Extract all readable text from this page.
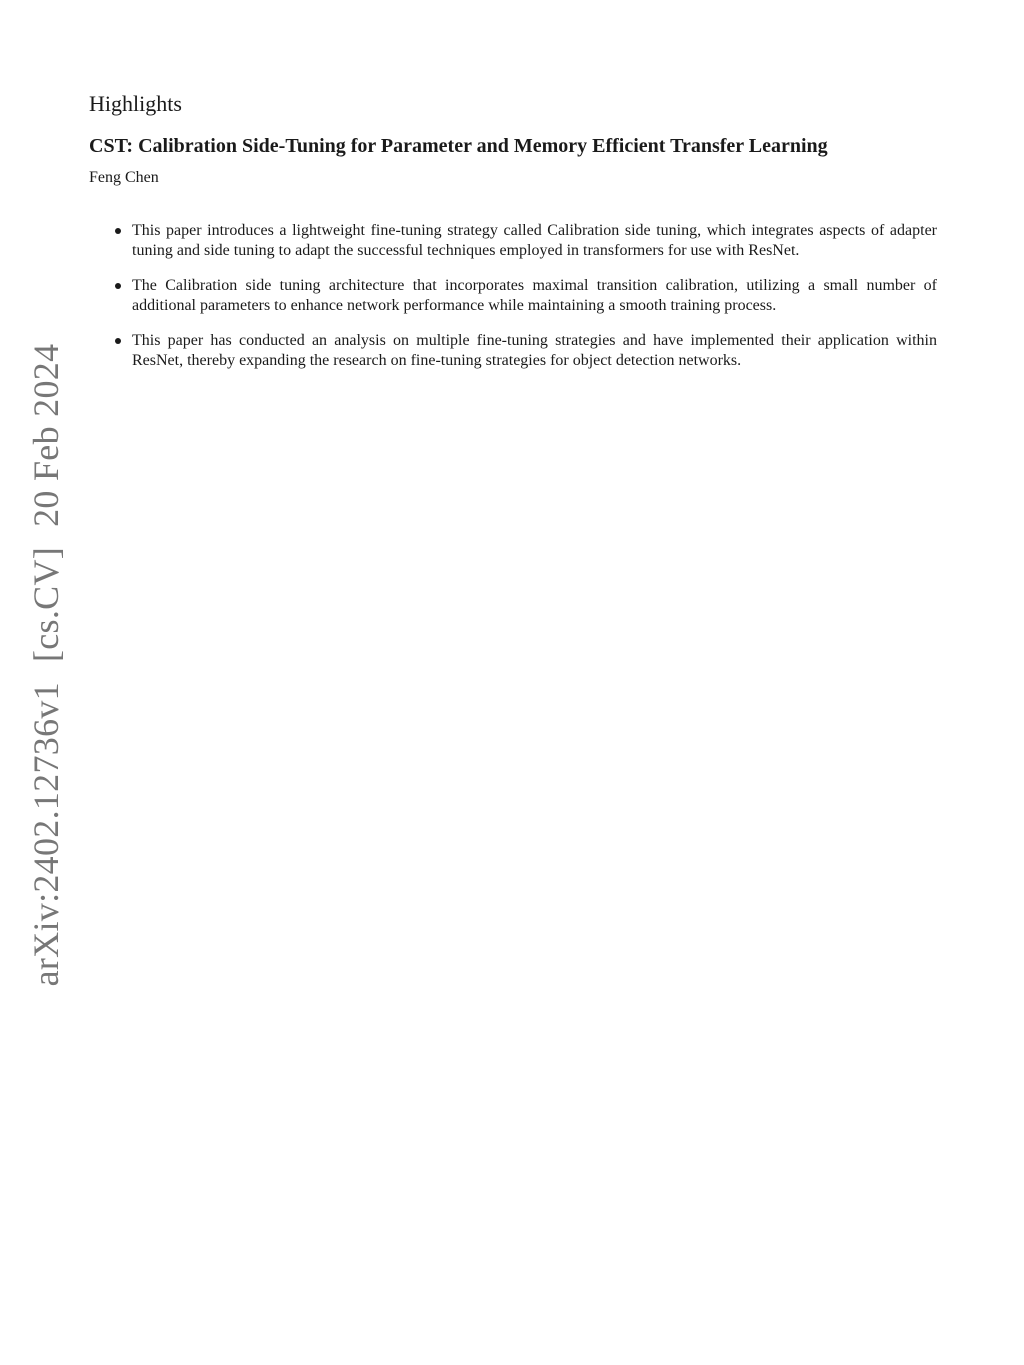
arXiv:2402.12736v1[cs.CV]20 Feb 2024
Highlights
CST: Calibration Side-Tuning for Parameter and Memory Efficient Transfer Learning
Feng Chen
This paper introduces a lightweight fine-tuning strategy called Calibration side tuning, which integrates aspects of adapter tuning and side tuning to adapt the successful techniques employed in transformers for use with ResNet.
The Calibration side tuning architecture that incorporates maximal transition calibration, utilizing a small number of additional parameters to enhance network performance while maintaining a smooth training process.
This paper has conducted an analysis on multiple fine-tuning strategies and have implemented their application within ResNet, thereby expanding the research on fine-tuning strategies for object detection networks.
